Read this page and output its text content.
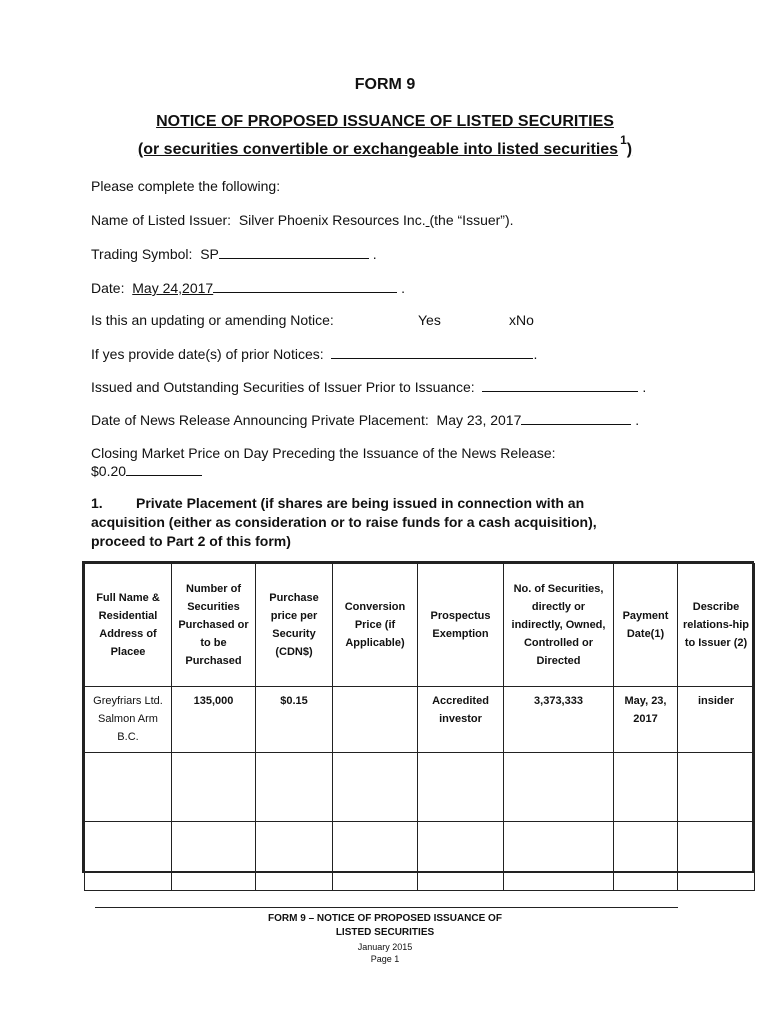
FORM 9
NOTICE OF PROPOSED ISSUANCE OF LISTED SECURITIES
(or securities convertible or exchangeable into listed securities$^1$)
Please complete the following:
Name of Listed Issuer: Silver Phoenix Resources Inc. (the “Issuer”).
Trading Symbol: SP	.
Date: May 24,2017	.
Is this an updating or amending Notice:	Yes	xNo
If yes provide date(s) of prior Notices:	.
Issued and Outstanding Securities of Issuer Prior to Issuance:	.
Date of News Release Announcing Private Placement: May 23, 2017	.
Closing Market Price on Day Preceding the Issuance of the News Release:
$0.20
1. Private Placement (if shares are being issued in connection with an
acquisition (either as consideration or to raise funds for a cash acquisition),
proceed to Part 2 of this form)
Full Name & Residential Address of Placee	Number of Securities Purchased or to be Purchased	Purchase price per Security (CDN$)	Conversion Price (if Applicable)	Prospectus Exemption	No. of Securities, directly or indirectly, Owned, Controlled or Directed	Payment Date(1)	Describe relations-hip to Issuer (2)
Greyfriars Ltd. Salmon Arm B.C.	135,000	$0.15		Accredited investor	3,373,333	May, 23, 2017	insider

FORM 9 – NOTICE OF PROPOSED ISSUANCE OF
LISTED SECURITIES
January 2015
Page 1
